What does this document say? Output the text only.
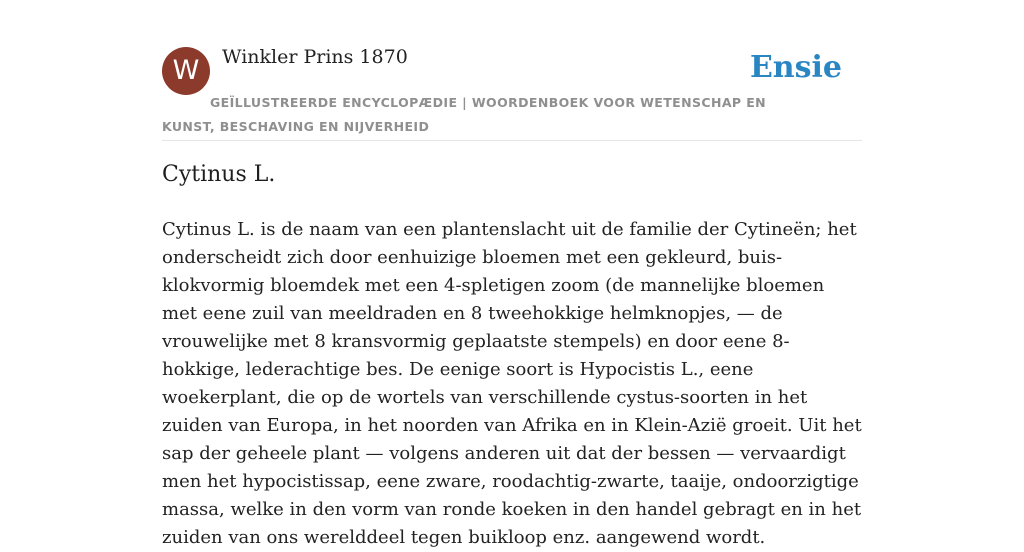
W	Winkler Prins 1870	Ensie
GEÏLLUSTREERDE ENCYCLOPÆDIE | WOORDENBOEK VOOR WETENSCHAP EN KUNST, BESCHAVING EN NIJVERHEID
Cytinus L.

Cytinus L. is de naam van een plantenslacht uit de familie der Cytineën; het onderscheidt zich door eenhuizige bloemen met een gekleurd, buis-klokvormig bloemdek met een 4-spletigen zoom (de mannelijke bloemen met eene zuil van meeldraden en 8 tweehokkige helmknopjes, — de vrouwelijke met 8 kransvormig geplaatste stempels) en door eene 8-hokkige, lederachtige bes. De eenige soort is Hypocistis L., eene woekerplant, die op de wortels van verschillende cystus-soorten in het zuiden van Europa, in het noorden van Afrika en in Klein-Azië groeit. Uit het sap der geheele plant — volgens anderen uit dat der bessen — vervaardigt men het hypocistissap, eene zware, roodachtig-zwarte, taaije, ondoorzigtige massa, welke in den vorm van ronde koeken in den handel gebragt en in het zuiden van ons werelddeel tegen buikloop enz. aangewend wordt.
